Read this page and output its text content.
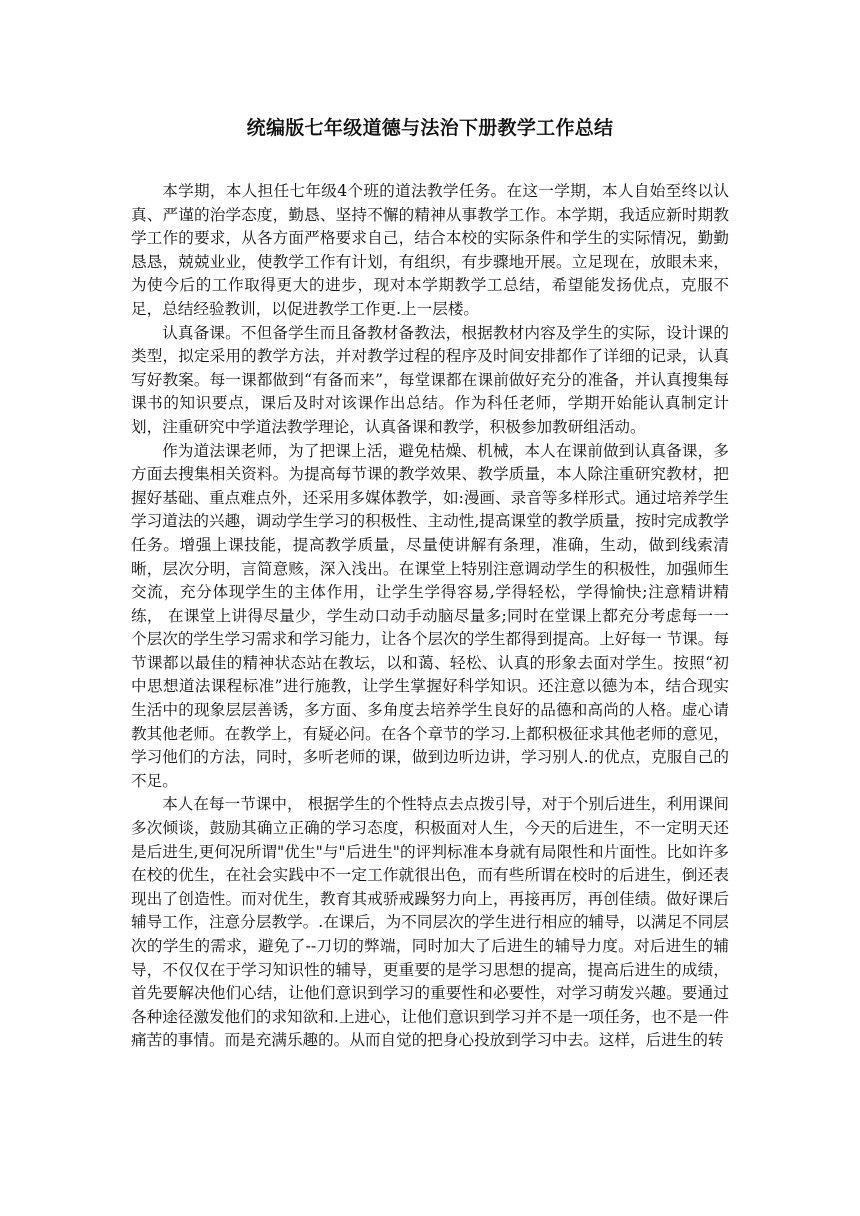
统编版七年级道德与法治下册教学工作总结

本学期，本人担任七年级4个班的道法教学任务。在这一学期，本人自始至终以认真、严谨的治学态度，勤恳、坚持不懈的精神从事教学工作。本学期，我适应新时期教学工作的要求，从各方面严格要求自己，结合本校的实际条件和学生的实际情况，勤勤恳恳，兢兢业业，使教学工作有计划，有组织，有步骤地开展。立足现在，放眼未来，为使今后的工作取得更大的进步，现对本学期教学工总结，希望能发扬优点，克服不足，总结经验教训，以促进教学工作更.上一层楼。

认真备课。不但备学生而且备教材备教法，根据教材内容及学生的实际，设计课的类型，拟定采用的教学方法，并对教学过程的程序及时间安排都作了详细的记录，认真写好教案。每一课都做到“有备而来”，每堂课都在课前做好充分的准备，并认真搜集每课书的知识要点，课后及时对该课作出总结。作为科任老师，学期开始能认真制定计划，注重研究中学道法教学理论，认真备课和教学，积极参加教研组活动。

作为道法课老师，为了把课上活，避免枯燥、机械，本人在课前做到认真备课，多方面去搜集相关资料。为提高每节课的教学效果、教学质量，本人除注重研究教材，把握好基础、重点难点外，还采用多媒体教学，如:漫画、录音等多样形式。通过培养学生学习道法的兴趣，调动学生学习的积极性、主动性,提高课堂的教学质量，按时完成教学任务。增强上课技能，提高教学质量，尽量使讲解有条理，准确，生动，做到线索清晰，层次分明，言简意赅，深入浅出。在课堂上特别注意调动学生的积极性，加强师生交流，充分体现学生的主体作用，让学生学得容易,学得轻松，学得愉快;注意精讲精练， 在课堂上讲得尽量少，学生动口动手动脑尽量多;同时在堂课上都充分考虑每一一个层次的学生学习需求和学习能力，让各个层次的学生都得到提高。上好每一 节课。每节课都以最佳的精神状态站在教坛，以和蔼、轻松、认真的形象去面对学生。按照“初中思想道法课程标准”进行施教，让学生掌握好科学知识。还注意以德为本，结合现实生活中的现象层层善诱，多方面、多角度去培养学生良好的品德和高尚的人格。虚心请教其他老师。在教学上，有疑必问。在各个章节的学习.上都积极征求其他老师的意见，学习他们的方法，同时，多听老师的课，做到边听边讲，学习别人.的优点，克服自己的不足。

本人在每一节课中， 根据学生的个性特点去点拨引导，对于个别后进生，利用课间多次倾谈，鼓励其确立正确的学习态度，积极面对人生，今天的后进生，不一定明天还是后进生,更何况所谓"优生"与"后进生"的评判标准本身就有局限性和片面性。比如许多在校的优生，在社会实践中不一定工作就很出色，而有些所谓在校时的后进生，倒还表现出了创造性。而对优生，教育其戒骄戒躁努力向上，再接再厉，再创佳绩。做好课后辅导工作，注意分层教学。.在课后，为不同层次的学生进行相应的辅导，以满足不同层次的学生的需求，避免了--刀切的弊端，同时加大了后进生的辅导力度。对后进生的辅导，不仅仅在于学习知识性的辅导，更重要的是学习思想的提高，提高后进生的成绩，首先要解决他们心结，让他们意识到学习的重要性和必要性，对学习萌发兴趣。要通过各种途径激发他们的求知欲和.上进心，让他们意识到学习并不是一项任务，也不是一件痛苦的事情。而是充满乐趣的。从而自觉的把身心投放到学习中去。这样，后进生的转
